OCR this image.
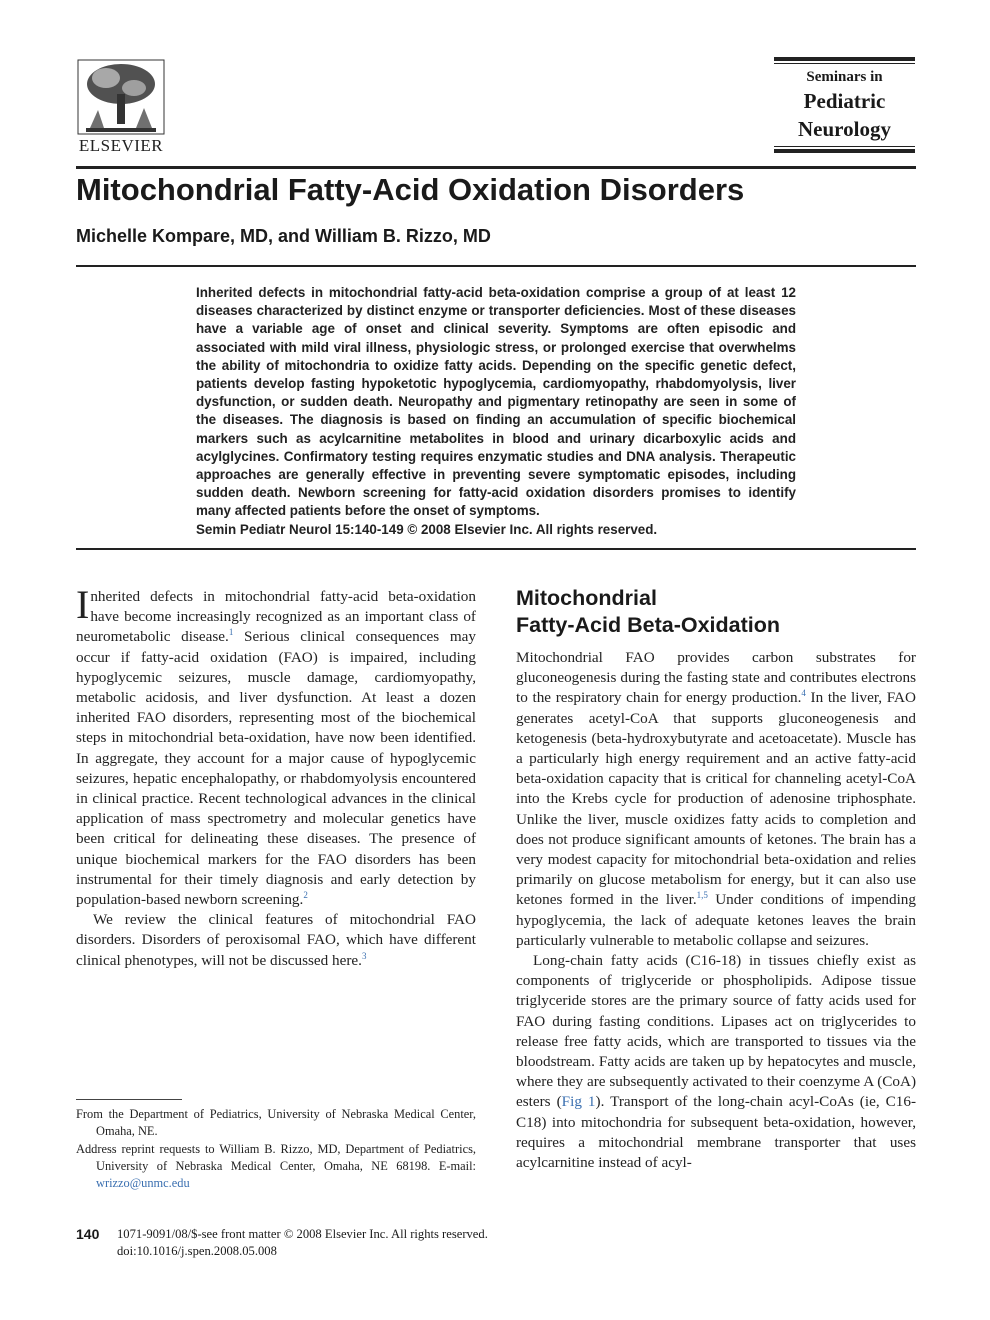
ELSEVIER
Seminars in
Pediatric
Neurology
Mitochondrial Fatty-Acid Oxidation Disorders
Michelle Kompare, MD, and William B. Rizzo, MD
Inherited defects in mitochondrial fatty-acid beta-oxidation comprise a group of at least 12 diseases characterized by distinct enzyme or transporter deficiencies. Most of these diseases have a variable age of onset and clinical severity. Symptoms are often episodic and associated with mild viral illness, physiologic stress, or prolonged exercise that overwhelms the ability of mitochondria to oxidize fatty acids. Depending on the specific genetic defect, patients develop fasting hypoketotic hypoglycemia, cardiomyopathy, rhabdomyolysis, liver dysfunction, or sudden death. Neuropathy and pigmentary retinopathy are seen in some of the diseases. The diagnosis is based on finding an accumulation of specific biochemical markers such as acylcarnitine metabolites in blood and urinary dicarboxylic acids and acylglycines. Confirmatory testing requires enzymatic studies and DNA analysis. Therapeutic approaches are generally effective in preventing severe symptomatic episodes, including sudden death. Newborn screening for fatty-acid oxidation disorders promises to identify many affected patients before the onset of symptoms.
Semin Pediatr Neurol 15:140-149 © 2008 Elsevier Inc. All rights reserved.

Inherited defects in mitochondrial fatty-acid beta-oxidation have become increasingly recognized as an important class of neurometabolic disease.$^1$ Serious clinical consequences may occur if fatty-acid oxidation (FAO) is impaired, including hypoglycemic seizures, muscle damage, cardiomyopathy, metabolic acidosis, and liver dysfunction. At least a dozen inherited FAO disorders, representing most of the biochemical steps in mitochondrial beta-oxidation, have now been identified. In aggregate, they account for a major cause of hypoglycemic seizures, hepatic encephalopathy, or rhabdomyolysis encountered in clinical practice. Recent technological advances in the clinical application of mass spectrometry and molecular genetics have been critical for delineating these diseases. The presence of unique biochemical markers for the FAO disorders has been instrumental for their timely diagnosis and early detection by population-based newborn screening.$^2$

We review the clinical features of mitochondrial FAO disorders. Disorders of peroxisomal FAO, which have different clinical phenotypes, will not be discussed here.$^3$

Mitochondrial
Fatty-Acid Beta-Oxidation

Mitochondrial FAO provides carbon substrates for gluconeogenesis during the fasting state and contributes electrons to the respiratory chain for energy production.$^4$ In the liver, FAO generates acetyl-CoA that supports gluconeogenesis and ketogenesis (beta-hydroxybutyrate and acetoacetate). Muscle has a particularly high energy requirement and an active fatty-acid beta-oxidation capacity that is critical for channeling acetyl-CoA into the Krebs cycle for production of adenosine triphosphate. Unlike the liver, muscle oxidizes fatty acids to completion and does not produce significant amounts of ketones. The brain has a very modest capacity for mitochondrial beta-oxidation and relies primarily on glucose metabolism for energy, but it can also use ketones formed in the liver.$^{1,5}$ Under conditions of impending hypoglycemia, the lack of adequate ketones leaves the brain particularly vulnerable to metabolic collapse and seizures.

Long-chain fatty acids (C16-18) in tissues chiefly exist as components of triglyceride or phospholipids. Adipose tissue triglyceride stores are the primary source of fatty acids used for FAO during fasting conditions. Lipases act on triglycerides to release free fatty acids, which are transported to tissues via the bloodstream. Fatty acids are taken up by hepatocytes and muscle, where they are subsequently activated to their coenzyme A (CoA) esters (Fig 1). Transport of the long-chain acyl-CoAs (ie, C16-C18) into mitochondria for subsequent beta-oxidation, however, requires a mitochondrial membrane transporter that uses acylcarnitine instead of acyl-

From the Department of Pediatrics, University of Nebraska Medical Center, Omaha, NE.
Address reprint requests to William B. Rizzo, MD, Department of Pediatrics, University of Nebraska Medical Center, Omaha, NE 68198. E-mail: wrizzo@unmc.edu
140 1071-9091/08/$-see front matter © 2008 Elsevier Inc. All rights reserved.
doi:10.1016/j.spen.2008.05.008
